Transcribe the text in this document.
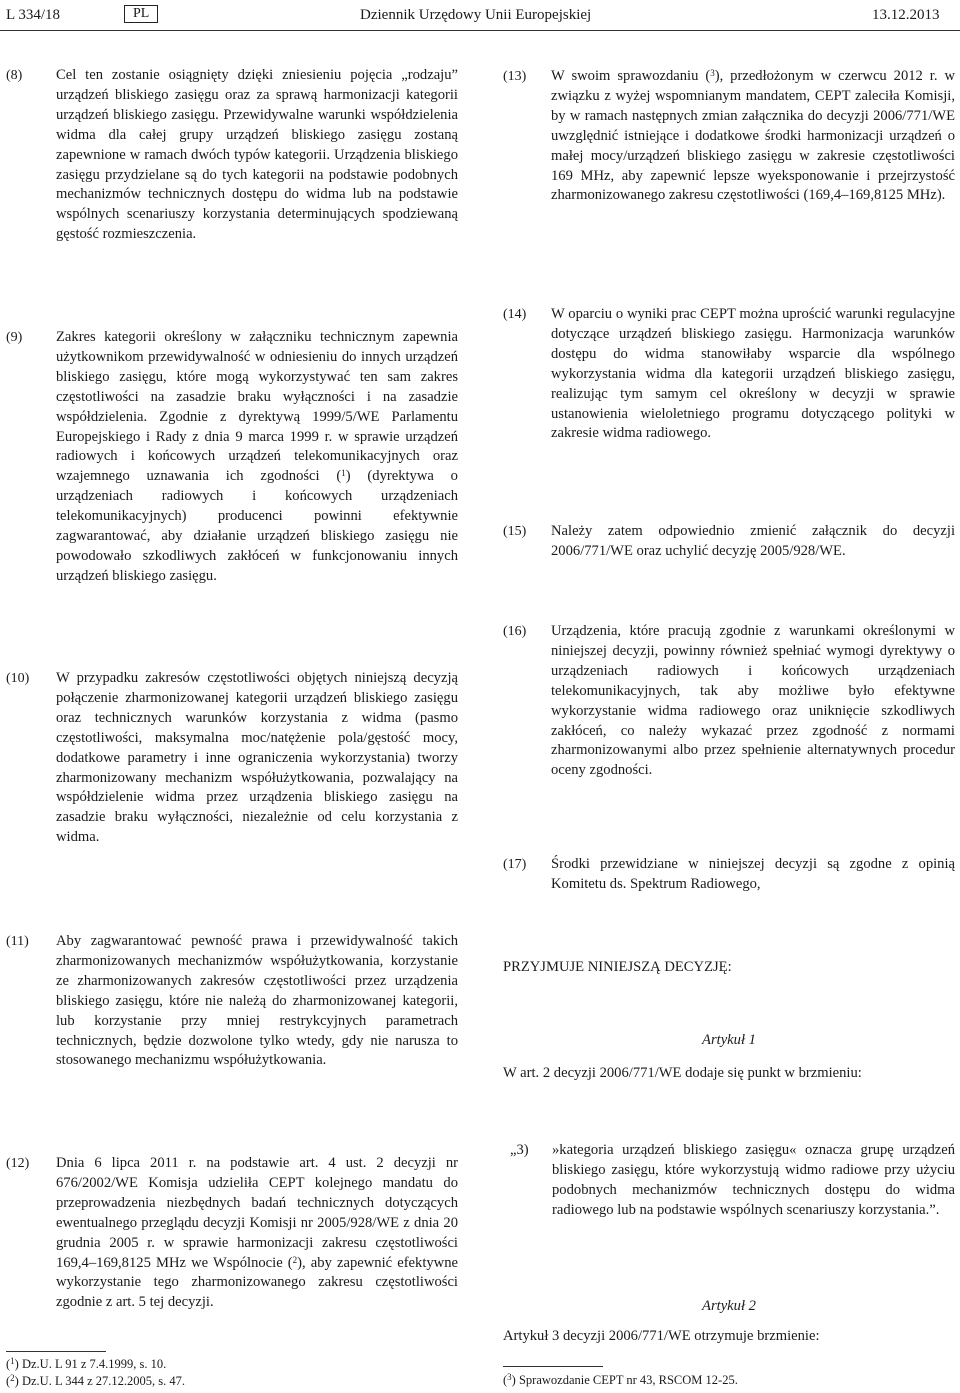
L 334/18	PL	Dziennik Urzędowy Unii Europejskiej	13.12.2013
(8) Cel ten zostanie osiągnięty dzięki zniesieniu pojęcia „rodzaju” urządzeń bliskiego zasięgu oraz za sprawą harmonizacji kategorii urządzeń bliskiego zasięgu. Przewidywalne warunki współdzielenia widma dla całej grupy urządzeń bliskiego zasięgu zostaną zapewnione w ramach dwóch typów kategorii. Urządzenia bliskiego zasięgu przydzielane są do tych kategorii na podstawie podobnych mechanizmów technicznych dostępu do widma lub na podstawie wspólnych scenariuszy korzystania determinujących spodziewaną gęstość rozmieszczenia.
(9) Zakres kategorii określony w załączniku technicznym zapewnia użytkownikom przewidywalność w odniesieniu do innych urządzeń bliskiego zasięgu, które mogą wykorzystywać ten sam zakres częstotliwości na zasadzie braku wyłączności i na zasadzie współdzielenia. Zgodnie z dyrektywą 1999/5/WE Parlamentu Europejskiego i Rady z dnia 9 marca 1999 r. w sprawie urządzeń radiowych i końcowych urządzeń telekomunikacyjnych oraz wzajemnego uznawania ich zgodności ($^1$) (dyrektywa o urządzeniach radiowych i końcowych urządzeniach telekomunikacyjnych) producenci powinni efektywnie zagwarantować, aby działanie urządzeń bliskiego zasięgu nie powodowało szkodliwych zakłóceń w funkcjonowaniu innych urządzeń bliskiego zasięgu.
(10) W przypadku zakresów częstotliwości objętych niniejszą decyzją połączenie zharmonizowanej kategorii urządzeń bliskiego zasięgu oraz technicznych warunków korzystania z widma (pasmo częstotliwości, maksymalna moc/natężenie pola/gęstość mocy, dodatkowe parametry i inne ograniczenia wykorzystania) tworzy zharmonizowany mechanizm współużytkowania, pozwalający na współdzielenie widma przez urządzenia bliskiego zasięgu na zasadzie braku wyłączności, niezależnie od celu korzystania z widma.
(11) Aby zagwarantować pewność prawa i przewidywalność takich zharmonizowanych mechanizmów współużytkowania, korzystanie ze zharmonizowanych zakresów częstotliwości przez urządzenia bliskiego zasięgu, które nie należą do zharmonizowanej kategorii, lub korzystanie przy mniej restrykcyjnych parametrach technicznych, będzie dozwolone tylko wtedy, gdy nie narusza to stosowanego mechanizmu współużytkowania.
(12) Dnia 6 lipca 2011 r. na podstawie art. 4 ust. 2 decyzji nr 676/2002/WE Komisja udzieliła CEPT kolejnego mandatu do przeprowadzenia niezbędnych badań technicznych dotyczących ewentualnego przeglądu decyzji Komisji nr 2005/928/WE z dnia 20 grudnia 2005 r. w sprawie harmonizacji zakresu częstotliwości 169,4–169,8125 MHz we Wspólnocie ($^2$), aby zapewnić efektywne wykorzystanie tego zharmonizowanego zakresu częstotliwości zgodnie z art. 5 tej decyzji.
($^1$) Dz.U. L 91 z 7.4.1999, s. 10.
($^2$) Dz.U. L 344 z 27.12.2005, s. 47.
(13) W swoim sprawozdaniu ($^3$), przedłożonym w czerwcu 2012 r. w związku z wyżej wspomnianym mandatem, CEPT zaleciła Komisji, by w ramach następnych zmian załącznika do decyzji 2006/771/WE uwzględnić istniejące i dodatkowe środki harmonizacji urządzeń o małej mocy/urządzeń bliskiego zasięgu w zakresie częstotliwości 169 MHz, aby zapewnić lepsze wyeksponowanie i przejrzystość zharmonizowanego zakresu częstotliwości (169,4–169,8125 MHz).
(14) W oparciu o wyniki prac CEPT można uprościć warunki regulacyjne dotyczące urządzeń bliskiego zasięgu. Harmonizacja warunków dostępu do widma stanowiłaby wsparcie dla wspólnego wykorzystania widma dla kategorii urządzeń bliskiego zasięgu, realizując tym samym cel określony w decyzji w sprawie ustanowienia wieloletniego programu dotyczącego polityki w zakresie widma radiowego.
(15) Należy zatem odpowiednio zmienić załącznik do decyzji 2006/771/WE oraz uchylić decyzję 2005/928/WE.
(16) Urządzenia, które pracują zgodnie z warunkami określonymi w niniejszej decyzji, powinny również spełniać wymogi dyrektywy o urządzeniach radiowych i końcowych urządzeniach telekomunikacyjnych, tak aby możliwe było efektywne wykorzystanie widma radiowego oraz uniknięcie szkodliwych zakłóceń, co należy wykazać przez zgodność z normami zharmonizowanymi albo przez spełnienie alternatywnych procedur oceny zgodności.
(17) Środki przewidziane w niniejszej decyzji są zgodne z opinią Komitetu ds. Spektrum Radiowego,
PRZYJMUJE NINIEJSZĄ DECYZJĘ:
Artykuł 1
W art. 2 decyzji 2006/771/WE dodaje się punkt w brzmieniu:
„3) »kategoria urządzeń bliskiego zasięgu« oznacza grupę urządzeń bliskiego zasięgu, które wykorzystują widmo radiowe przy użyciu podobnych mechanizmów technicznych dostępu do widma radiowego lub na podstawie wspólnych scenariuszy korzystania.”.
Artykuł 2
Artykuł 3 decyzji 2006/771/WE otrzymuje brzmienie:
($^3$) Sprawozdanie CEPT nr 43, RSCOM 12-25.
